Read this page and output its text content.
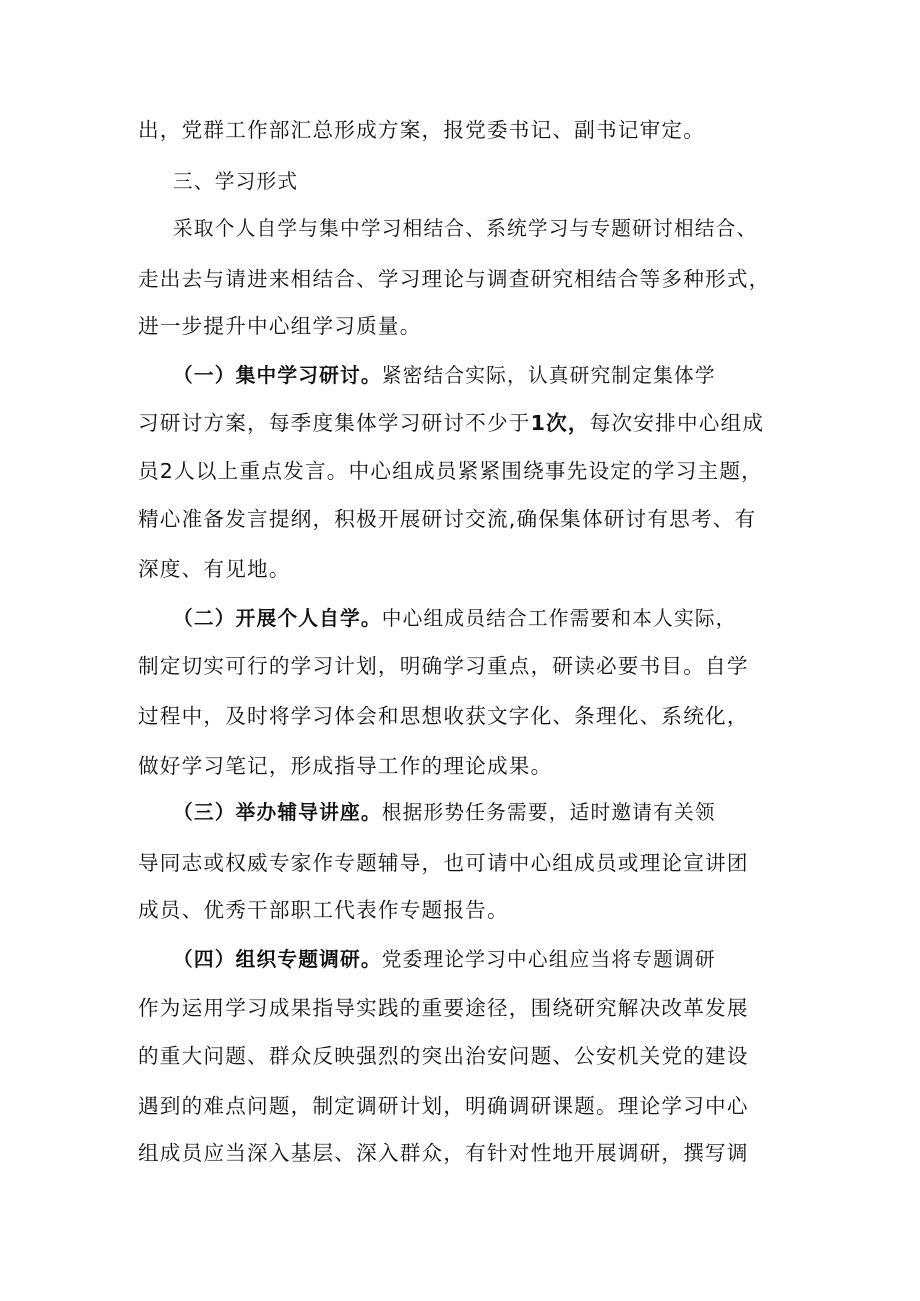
出，党群工作部汇总形成方案，报党委书记、副书记审定。
三、学习形式
采取个人自学与集中学习相结合、系统学习与专题研讨相结合、
走出去与请进来相结合、学习理论与调查研究相结合等多种形式，
进一步提升中心组学习质量。
（一）集中学习研讨。紧密结合实际，认真研究制定集体学
习研讨方案，每季度集体学习研讨不少于1次，每次安排中心组成
员2人以上重点发言。中心组成员紧紧围绕事先设定的学习主题，
精心准备发言提纲，积极开展研讨交流,确保集体研讨有思考、有
深度、有见地。
（二）开展个人自学。中心组成员结合工作需要和本人实际，
制定切实可行的学习计划，明确学习重点，研读必要书目。自学
过程中，及时将学习体会和思想收获文字化、条理化、系统化，
做好学习笔记，形成指导工作的理论成果。
（三）举办辅导讲座。根据形势任务需要，适时邀请有关领
导同志或权威专家作专题辅导，也可请中心组成员或理论宣讲团
成员、优秀干部职工代表作专题报告。
（四）组织专题调研。党委理论学习中心组应当将专题调研
作为运用学习成果指导实践的重要途径，围绕研究解决改革发展
的重大问题、群众反映强烈的突出治安问题、公安机关党的建设
遇到的难点问题，制定调研计划，明确调研课题。理论学习中心
组成员应当深入基层、深入群众，有针对性地开展调研，撰写调
